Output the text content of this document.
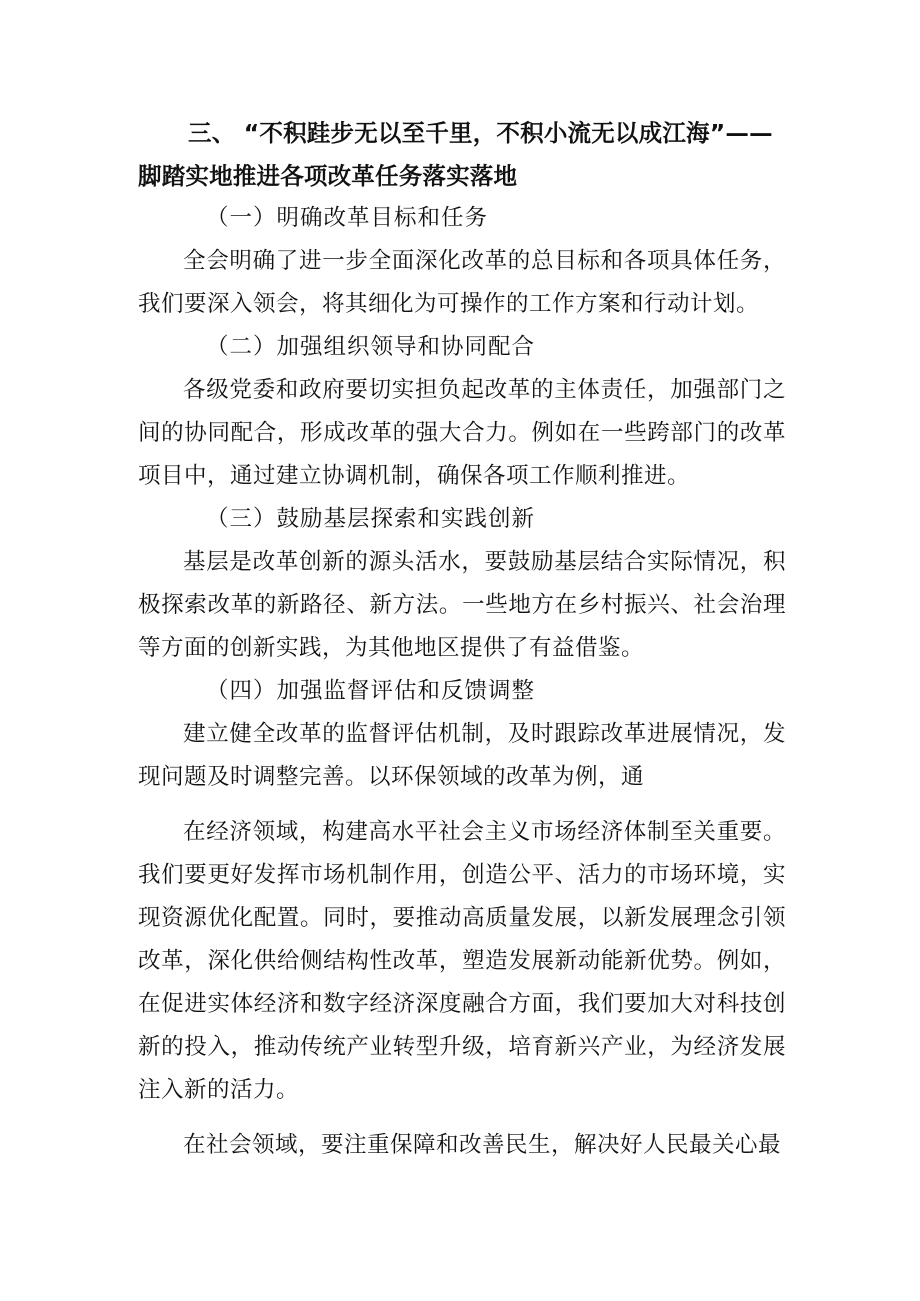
三、 “不积跬步无以至千里，不积小流无以成江海”——脚踏实地推进各项改革任务落实落地

（一）明确改革目标和任务

全会明确了进一步全面深化改革的总目标和各项具体任务，我们要深入领会，将其细化为可操作的工作方案和行动计划。

（二）加强组织领导和协同配合

各级党委和政府要切实担负起改革的主体责任，加强部门之间的协同配合，形成改革的强大合力。例如在一些跨部门的改革项目中，通过建立协调机制，确保各项工作顺利推进。

（三）鼓励基层探索和实践创新

基层是改革创新的源头活水，要鼓励基层结合实际情况，积极探索改革的新路径、新方法。一些地方在乡村振兴、社会治理等方面的创新实践，为其他地区提供了有益借鉴。

（四）加强监督评估和反馈调整

建立健全改革的监督评估机制，及时跟踪改革进展情况，发现问题及时调整完善。以环保领域的改革为例，通

在经济领域，构建高水平社会主义市场经济体制至关重要。我们要更好发挥市场机制作用，创造公平、活力的市场环境，实现资源优化配置。同时，要推动高质量发展，以新发展理念引领改革，深化供给侧结构性改革，塑造发展新动能新优势。例如，在促进实体经济和数字经济深度融合方面，我们要加大对科技创新的投入，推动传统产业转型升级，培育新兴产业，为经济发展注入新的活力。

在社会领域，要注重保障和改善民生，解决好人民最关心最
